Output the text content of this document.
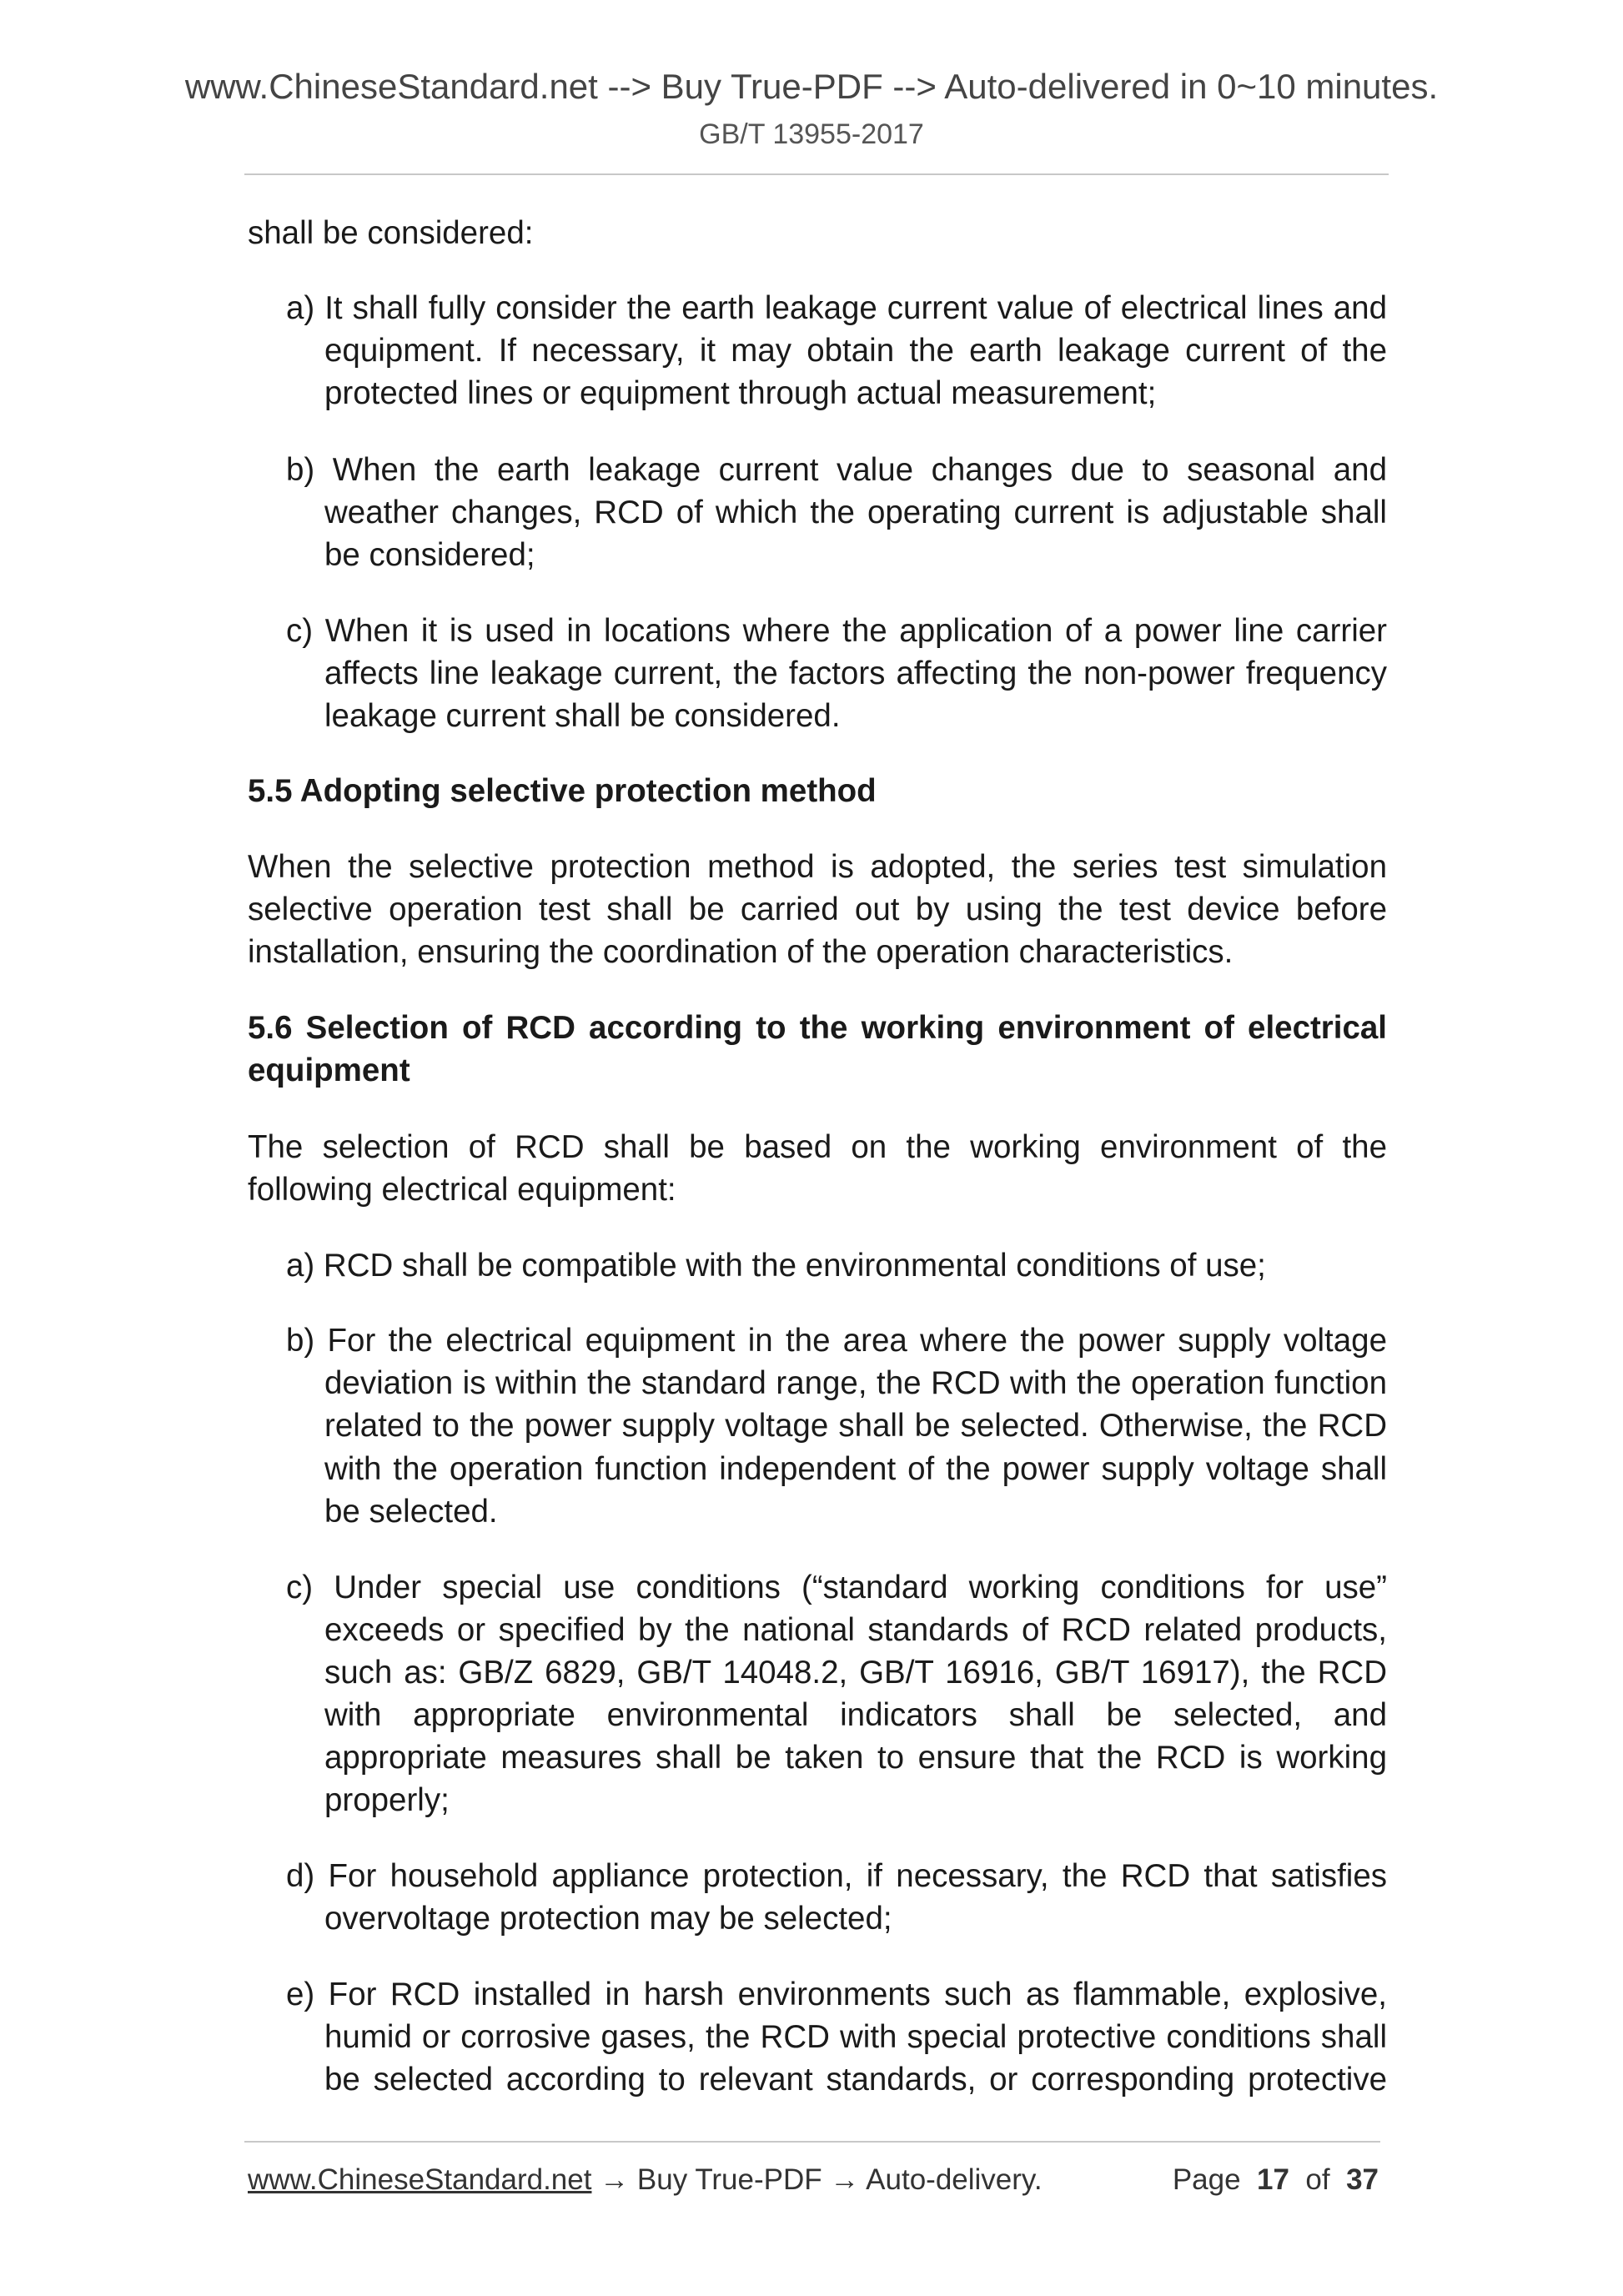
www.ChineseStandard.net --> Buy True-PDF --> Auto-delivered in 0~10 minutes.
GB/T 13955-2017
shall be considered:
a) It shall fully consider the earth leakage current value of electrical lines and
equipment. If necessary, it may obtain the earth leakage current of the
protected lines or equipment through actual measurement;
b) When the earth leakage current value changes due to seasonal and
weather changes, RCD of which the operating current is adjustable shall
be considered;
c) When it is used in locations where the application of a power line carrier
affects line leakage current, the factors affecting the non-power frequency
leakage current shall be considered.
5.5 Adopting selective protection method
When the selective protection method is adopted, the series test simulation
selective operation test shall be carried out by using the test device before
installation, ensuring the coordination of the operation characteristics.
5.6 Selection of RCD according to the working environment of electrical
equipment
The selection of RCD shall be based on the working environment of the
following electrical equipment:
a) RCD shall be compatible with the environmental conditions of use;
b) For the electrical equipment in the area where the power supply voltage
deviation is within the standard range, the RCD with the operation function
related to the power supply voltage shall be selected. Otherwise, the RCD
with the operation function independent of the power supply voltage shall
be selected.
c) Under special use conditions (“standard working conditions for use”
exceeds or specified by the national standards of RCD related products,
such as: GB/Z 6829, GB/T 14048.2, GB/T 16916, GB/T 16917), the RCD
with appropriate environmental indicators shall be selected, and
appropriate measures shall be taken to ensure that the RCD is working
properly;
d) For household appliance protection, if necessary, the RCD that satisfies
overvoltage protection may be selected;
e) For RCD installed in harsh environments such as flammable, explosive,
humid or corrosive gases, the RCD with special protective conditions shall
be selected according to relevant standards, or corresponding protective
www.ChineseStandard.net → Buy True-PDF → Auto-delivery.	Page 17 of 37
